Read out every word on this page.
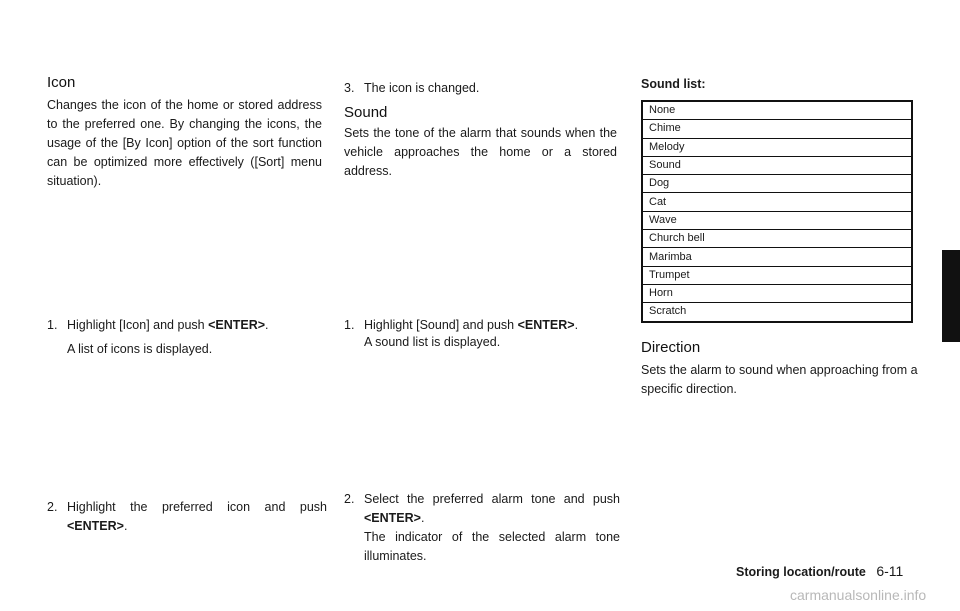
Icon
Changes the icon of the home or stored address to the preferred one. By changing the icons, the usage of the [By Icon] option of the sort function can be optimized more effectively ([Sort] menu situation).
1. Highlight [Icon] and push <ENTER>.
A list of icons is displayed.
2. Highlight the preferred icon and push
<ENTER>.
3. The icon is changed.
Sound
Sets the tone of the alarm that sounds when the vehicle approaches the home or a stored address.
1. Highlight [Sound] and push <ENTER>.
A sound list is displayed.
2. Select the preferred alarm tone and push
<ENTER>.
The indicator of the selected alarm tone illuminates.
Sound list:
None
Chime
Melody
Sound
Dog
Cat
Wave
Church bell
Marimba
Trumpet
Horn
Scratch
Direction
Sets the alarm to sound when approaching from a specific direction.
Storing location/route 6-11
carmanualsonline.info
